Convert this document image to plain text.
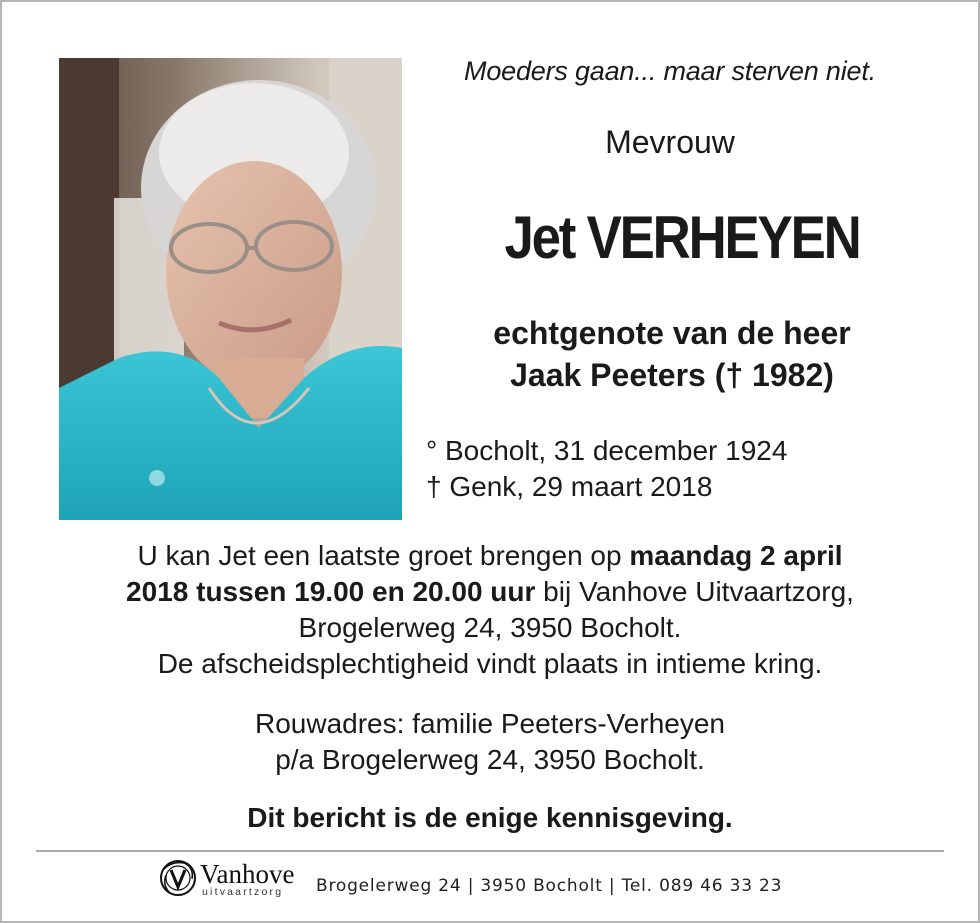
Moeders gaan... maar sterven niet.
Mevrouw
Jet VERHEYEN
echtgenote van de heer
Jaak Peeters († 1982)
° Bocholt, 31 december 1924
† Genk, 29 maart 2018
U kan Jet een laatste groet brengen op maandag 2 april
2018 tussen 19.00 en 20.00 uur bij Vanhove Uitvaartzorg,
Brogelerweg 24, 3950 Bocholt.
De afscheidsplechtigheid vindt plaats in intieme kring.
Rouwadres: familie Peeters-Verheyen
p/a Brogelerweg 24, 3950 Bocholt.
Dit bericht is de enige kennisgeving.
Vanhove
uitvaartzorg Brogelerweg 24 | 3950 Bocholt | Tel. 089 46 33 23
